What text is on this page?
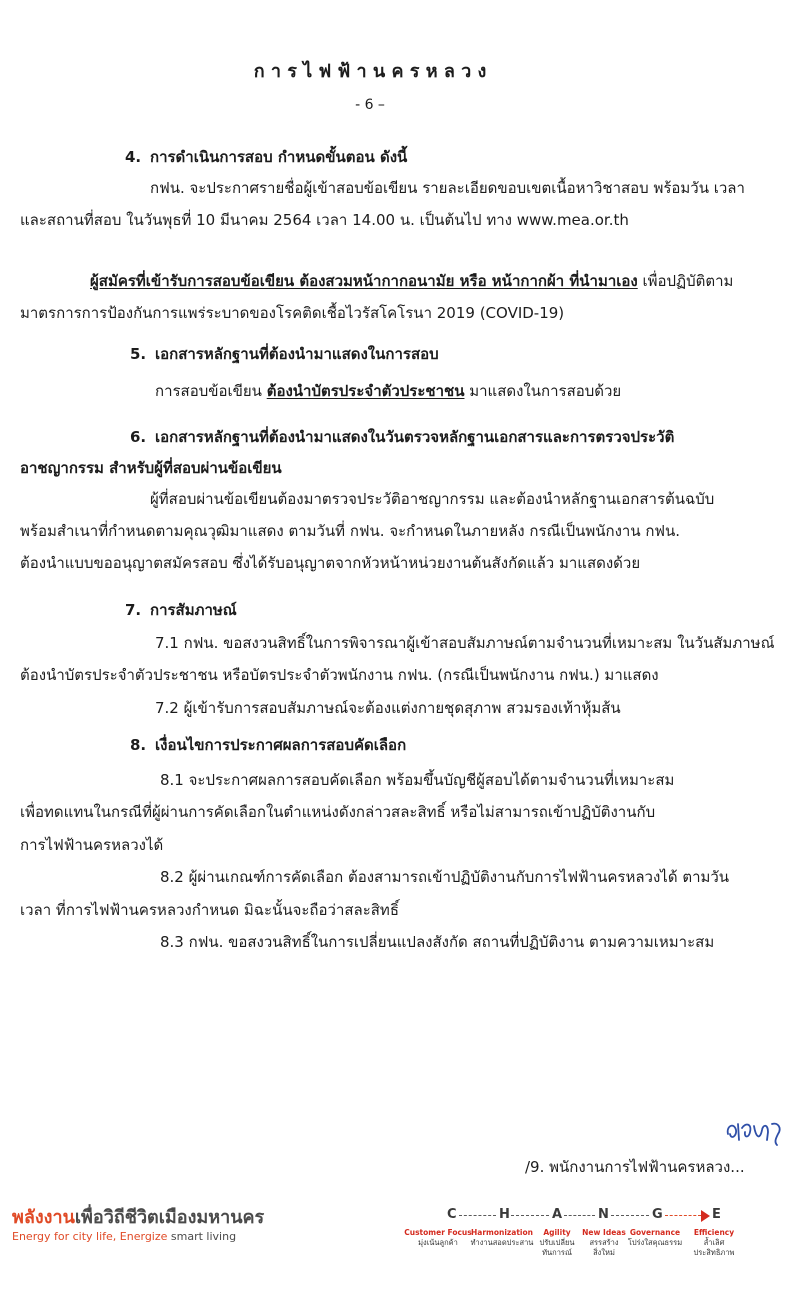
ก า ร ไ ฟ ฟ้ า น ค ร ห ล ว ง
- 6 –
4. การดำเนินการสอบ กำหนดขั้นตอน ดังนี้
กฟน. จะประกาศรายชื่อผู้เข้าสอบข้อเขียน รายละเอียดขอบเขตเนื้อหาวิชาสอบ พร้อมวัน เวลา
และสถานที่สอบ ในวันพุธที่ 10 มีนาคม 2564 เวลา 14.00 น. เป็นต้นไป ทาง www.mea.or.th
ผู้สมัครที่เข้ารับการสอบข้อเขียน ต้องสวมหน้ากากอนามัย หรือ หน้ากากผ้า ที่นำมาเอง เพื่อปฏิบัติตาม
มาตรการการป้องกันการแพร่ระบาดของโรคติดเชื้อไวรัสโคโรนา 2019 (COVID-19)
5. เอกสารหลักฐานที่ต้องนำมาแสดงในการสอบ
การสอบข้อเขียน ต้องนำบัตรประจำตัวประชาชน มาแสดงในการสอบด้วย
6. เอกสารหลักฐานที่ต้องนำมาแสดงในวันตรวจหลักฐานเอกสารและการตรวจประวัติ
อาชญากรรม สำหรับผู้ที่สอบผ่านข้อเขียน
ผู้ที่สอบผ่านข้อเขียนต้องมาตรวจประวัติอาชญากรรม และต้องนำหลักฐานเอกสารต้นฉบับ
พร้อมสำเนาที่กำหนดตามคุณวุฒิมาแสดง ตามวันที่ กฟน. จะกำหนดในภายหลัง กรณีเป็นพนักงาน กฟน.
ต้องนำแบบขออนุญาตสมัครสอบ ซึ่งได้รับอนุญาตจากหัวหน้าหน่วยงานต้นสังกัดแล้ว มาแสดงด้วย
7. การสัมภาษณ์
7.1 กฟน. ขอสงวนสิทธิ์ในการพิจารณาผู้เข้าสอบสัมภาษณ์ตามจำนวนที่เหมาะสม ในวันสัมภาษณ์
ต้องนำบัตรประจำตัวประชาชน หรือบัตรประจำตัวพนักงาน กฟน. (กรณีเป็นพนักงาน กฟน.) มาแสดง
7.2 ผู้เข้ารับการสอบสัมภาษณ์จะต้องแต่งกายชุดสุภาพ สวมรองเท้าหุ้มส้น
8. เงื่อนไขการประกาศผลการสอบคัดเลือก
8.1 จะประกาศผลการสอบคัดเลือก พร้อมขึ้นบัญชีผู้สอบได้ตามจำนวนที่เหมาะสม
เพื่อทดแทนในกรณีที่ผู้ผ่านการคัดเลือกในตำแหน่งดังกล่าวสละสิทธิ์ หรือไม่สามารถเข้าปฏิบัติงานกับ
การไฟฟ้านครหลวงได้
8.2 ผู้ผ่านเกณฑ์การคัดเลือก ต้องสามารถเข้าปฏิบัติงานกับการไฟฟ้านครหลวงได้ ตามวัน
เวลา ที่การไฟฟ้านครหลวงกำหนด มิฉะนั้นจะถือว่าสละสิทธิ์
8.3 กฟน. ขอสงวนสิทธิ์ในการเปลี่ยนแปลงสังกัด สถานที่ปฏิบัติงาน ตามความเหมาะสม
/9. พนักงานการไฟฟ้านครหลวง...
พลังงานเพื่อวิถีชีวิตเมืองมหานคร
Energy for city life, Energize smart living
C	H	A	N	G	E
Customer Focus
มุ่งเน้นลูกค้า
Harmonization
ทำงานสอดประสาน
Agility
ปรับเปลี่ยน
ทันการณ์
New Ideas
สรรสร้าง
สิ่งใหม่
Governance
โปร่งใสคุณธรรม
Efficiency
ล้ำเลิศ
ประสิทธิภาพ
